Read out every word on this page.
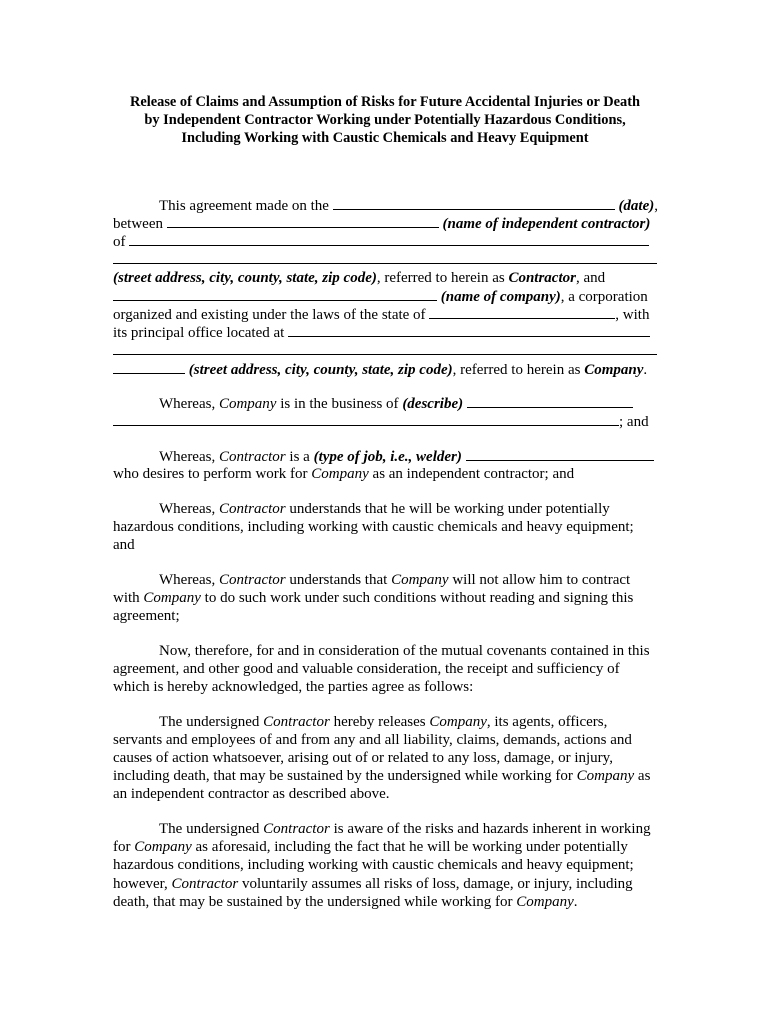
Release of Claims and Assumption of Risks for Future Accidental Injuries or Death
by Independent Contractor Working under Potentially Hazardous Conditions,
Including Working with Caustic Chemicals and Heavy Equipment
This agreement made on the	(date),
between	(name of independent contractor)
of
(street address, city, county, state, zip code), referred to herein as Contractor, and
(name of company), a corporation
organized and existing under the laws of the state of	, with
its principal office located at
(street address, city, county, state, zip code), referred to herein as Company.
Whereas, Company is in the business of (describe)
; and
Whereas, Contractor is a (type of job, i.e., welder)
who desires to perform work for Company as an independent contractor; and
Whereas, Contractor understands that he will be working under potentially
hazardous conditions, including working with caustic chemicals and heavy equipment;
and
Whereas, Contractor understands that Company will not allow him to contract
with Company to do such work under such conditions without reading and signing this
agreement;
Now, therefore, for and in consideration of the mutual covenants contained in this
agreement, and other good and valuable consideration, the receipt and sufficiency of
which is hereby acknowledged, the parties agree as follows:
The undersigned Contractor hereby releases Company, its agents, officers,
servants and employees of and from any and all liability, claims, demands, actions and
causes of action whatsoever, arising out of or related to any loss, damage, or injury,
including death, that may be sustained by the undersigned while working for Company as
an independent contractor as described above.
The undersigned Contractor is aware of the risks and hazards inherent in working
for Company as aforesaid, including the fact that he will be working under potentially
hazardous conditions, including working with caustic chemicals and heavy equipment;
however, Contractor voluntarily assumes all risks of loss, damage, or injury, including
death, that may be sustained by the undersigned while working for Company.
